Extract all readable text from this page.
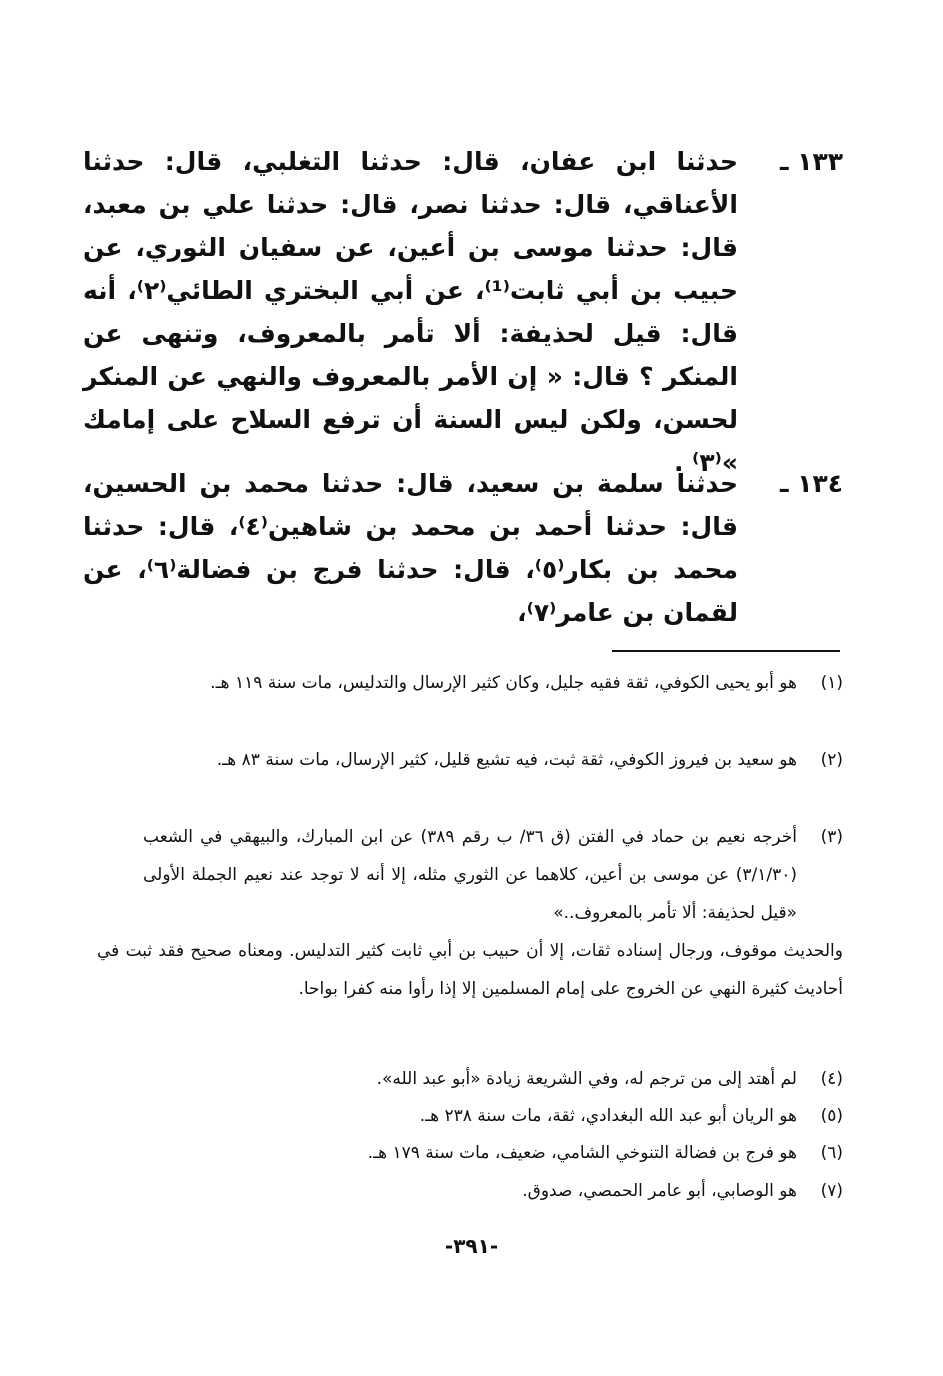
١٣٣ ـ
حدثنا ابن عفان، قال: حدثنا التغلبي، قال: حدثنا الأعناقي، قال: حدثنا نصر، قال: حدثنا علي بن معبد، قال: حدثنا موسى بن أعين، عن سفيان الثوري، عن حبيب بن أبي ثابت⁽¹⁾، عن أبي البختري الطائي⁽٢⁾، أنه قال: قيل لحذيفة: ألا تأمر بالمعروف، وتنهى عن المنكر ؟ قال: « إن الأمر بالمعروف والنهي عن المنكر لحسن، ولكن ليس السنة أن ترفع السلاح على إمامك »⁽٣⁾ .
١٣٤ ـ
حدثنا سلمة بن سعيد، قال: حدثنا محمد بن الحسين، قال: حدثنا أحمد بن محمد بن شاهين⁽٤⁾، قال: حدثنا محمد بن بكار⁽٥⁾، قال: حدثنا فرج بن فضالة⁽٦⁾، عن لقمان بن عامر⁽٧⁾،
(١)
هو أبو يحيى الكوفي، ثقة فقيه جليل، وكان كثير الإرسال والتدليس، مات سنة ١١٩ هـ.
(٢)
هو سعيد بن فيروز الكوفي، ثقة ثبت، فيه تشيع قليل، كثير الإرسال، مات سنة ٨٣ هـ.
(٣)
أخرجه نعيم بن حماد في الفتن (ق ٣٦/ ب رقم ٣٨٩) عن ابن المبارك، والبيهقي في الشعب (٣/١/٣٠) عن موسى بن أعين، كلاهما عن الثوري مثله، إلا أنه لا توجد عند نعيم الجملة الأولى «قيل لحذيفة: ألا تأمر بالمعروف..»
والحديث موقوف، ورجال إسناده ثقات، إلا أن حبيب بن أبي ثابت كثير التدليس. ومعناه صحيح فقد ثبت في أحاديث كثيرة النهي عن الخروج على إمام المسلمين إلا إذا رأوا منه كفرا بواحا.
(٤)
لم أهتد إلى من ترجم له، وفي الشريعة زيادة «أبو عبد الله».
(٥)
هو الريان أبو عبد الله البغدادي، ثقة، مات سنة ٢٣٨ هـ.
(٦)
هو فرج بن فضالة التنوخي الشامي، ضعيف، مات سنة ١٧٩ هـ.
(٧)
هو الوصابي، أبو عامر الحمصي، صدوق.
-٣٩١-
